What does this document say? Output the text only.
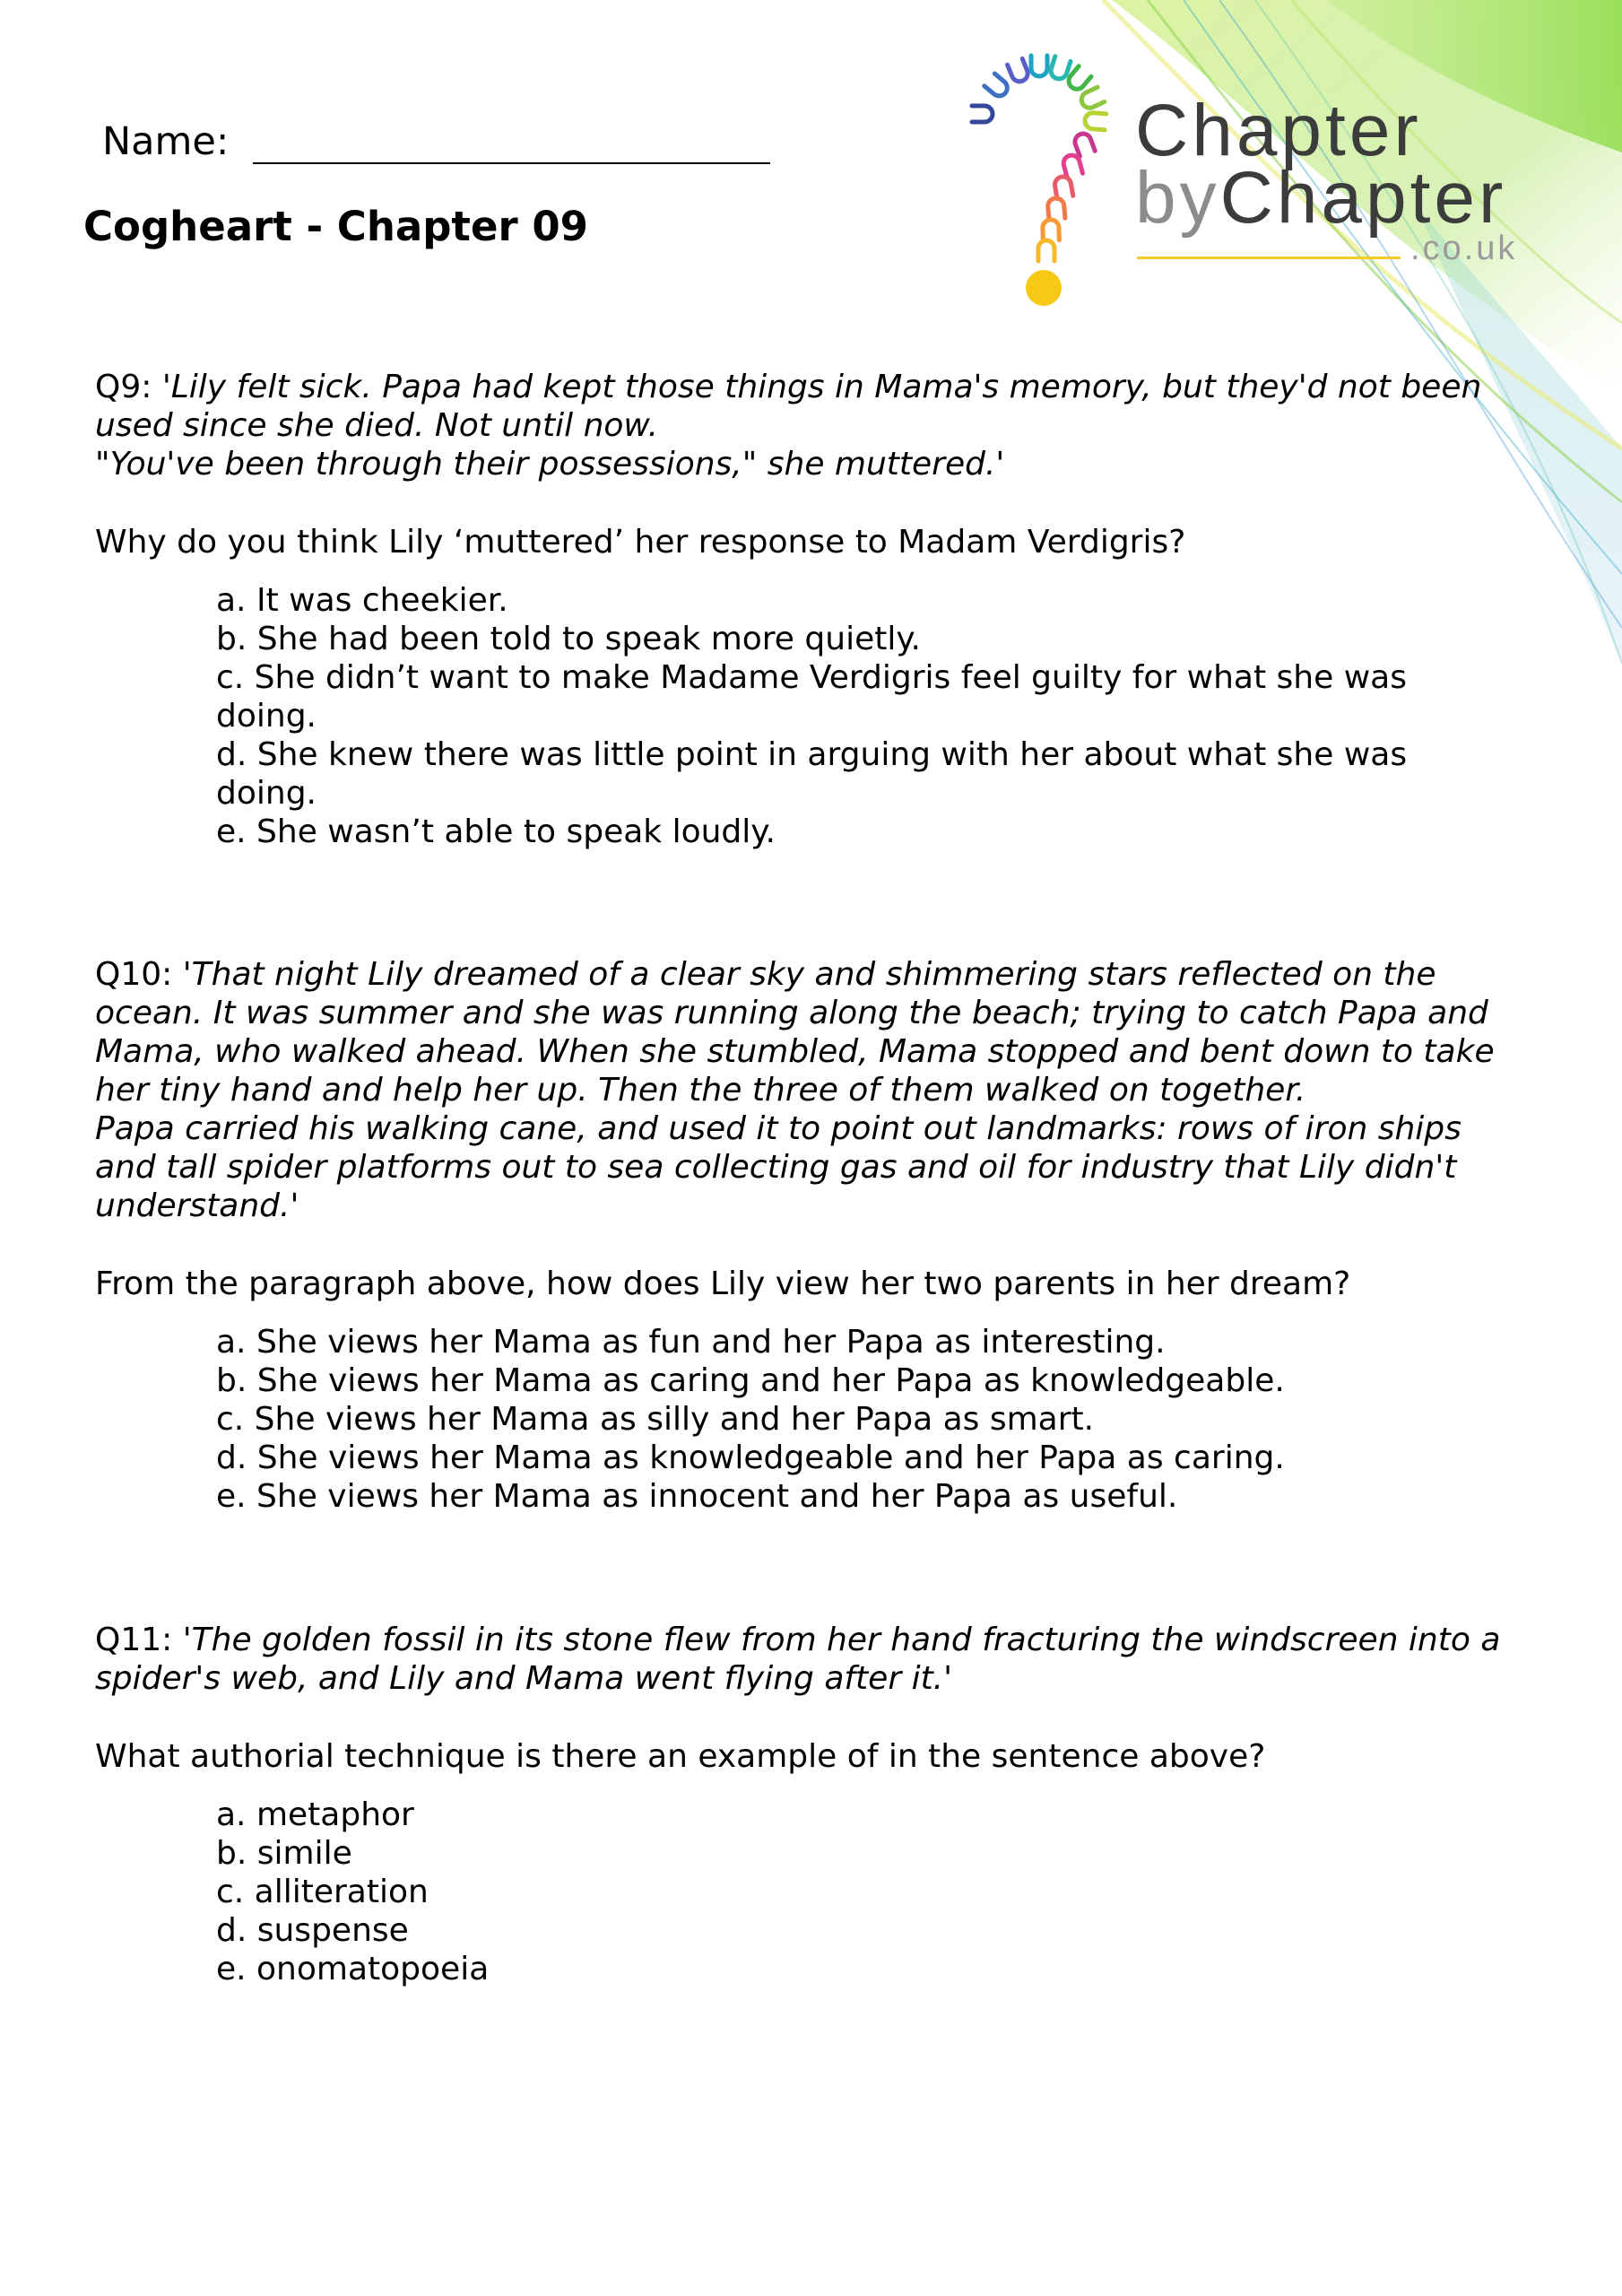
Name:
Cogheart - Chapter 09
Chapter
byChapter
.co.uk

Q9: 'Lily felt sick. Papa had kept those things in Mama's memory, but they'd not been used since she died. Not until now.
"You've been through their possessions," she muttered.'

Why do you think Lily ‘muttered’ her response to Madam Verdigris?

a. It was cheekier.
b. She had been told to speak more quietly.
c. She didn’t want to make Madame Verdigris feel guilty for what she was doing.
d. She knew there was little point in arguing with her about what she was doing.
e. She wasn’t able to speak loudly.

Q10: 'That night Lily dreamed of a clear sky and shimmering stars reflected on the ocean. It was summer and she was running along the beach; trying to catch Papa and Mama, who walked ahead. When she stumbled, Mama stopped and bent down to take her tiny hand and help her up. Then the three of them walked on together.
Papa carried his walking cane, and used it to point out landmarks: rows of iron ships and tall spider platforms out to sea collecting gas and oil for industry that Lily didn't understand.'

From the paragraph above, how does Lily view her two parents in her dream?

a. She views her Mama as fun and her Papa as interesting.
b. She views her Mama as caring and her Papa as knowledgeable.
c. She views her Mama as silly and her Papa as smart.
d. She views her Mama as knowledgeable and her Papa as caring.
e. She views her Mama as innocent and her Papa as useful.

Q11: 'The golden fossil in its stone flew from her hand fracturing the windscreen into a spider's web, and Lily and Mama went flying after it.'

What authorial technique is there an example of in the sentence above?

a. metaphor
b. simile
c. alliteration
d. suspense
e. onomatopoeia
